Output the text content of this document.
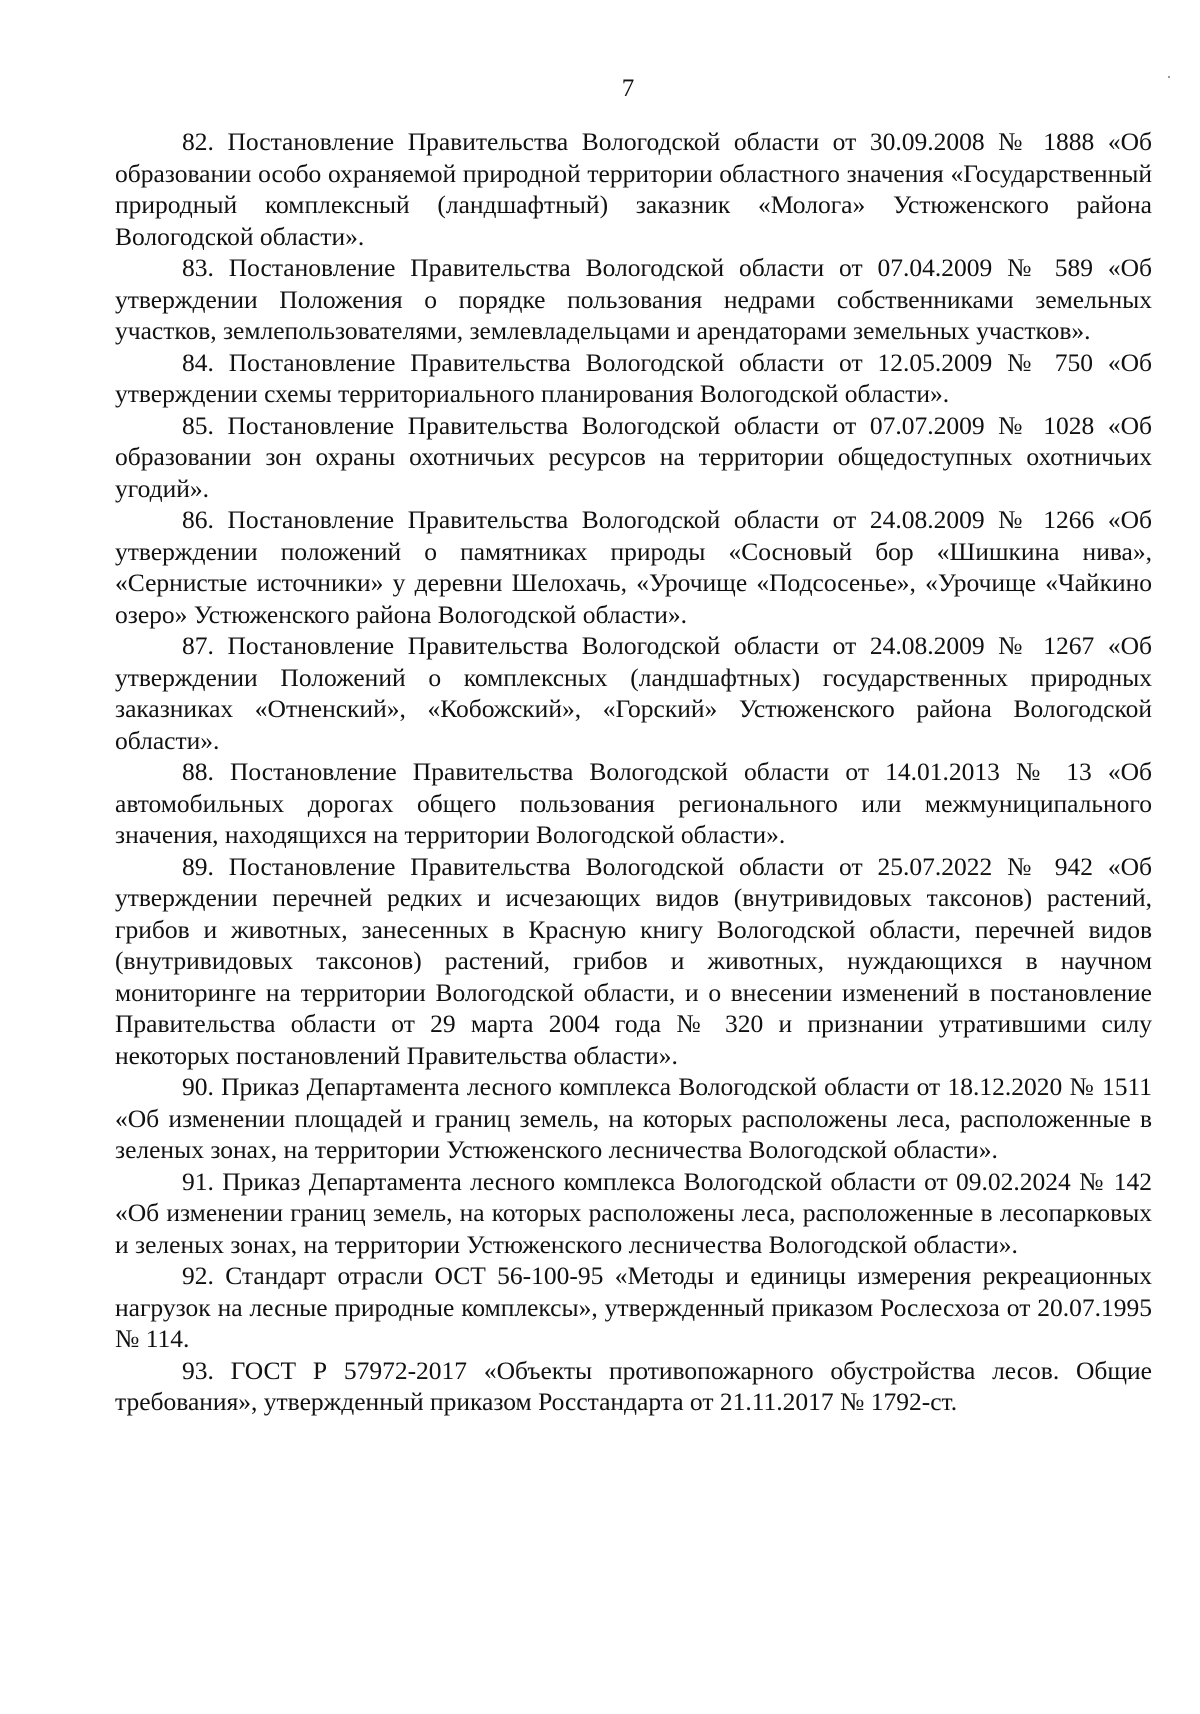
7

82. Постановление Правительства Вологодской области от 30.09.2008 № 1888 «Об образовании особо охраняемой природной территории областного значения «Государственный природный комплексный (ландшафтный) заказник «Молога» Устюженского района Вологодской области».

83. Постановление Правительства Вологодской области от 07.04.2009 № 589 «Об утверждении Положения о порядке пользования недрами собственниками земельных участков, землепользователями, землевладельцами и арендаторами земельных участков».

84. Постановление Правительства Вологодской области от 12.05.2009 № 750 «Об утверждении схемы территориального планирования Вологодской области».

85. Постановление Правительства Вологодской области от 07.07.2009 № 1028 «Об образовании зон охраны охотничьих ресурсов на территории общедоступных охотничьих угодий».

86. Постановление Правительства Вологодской области от 24.08.2009 № 1266 «Об утверждении положений о памятниках природы «Сосновый бор «Шишкина нива», «Сернистые источники» у деревни Шелохачь, «Урочище «Подсосенье», «Урочище «Чайкино озеро» Устюженского района Вологодской области».

87. Постановление Правительства Вологодской области от 24.08.2009 № 1267 «Об утверждении Положений о комплексных (ландшафтных) государственных природных заказниках «Отненский», «Кобожский», «Горский» Устюженского района Вологодской области».

88. Постановление Правительства Вологодской области от 14.01.2013 № 13 «Об автомобильных дорогах общего пользования регионального или межмуниципального значения, находящихся на территории Вологодской области».

89. Постановление Правительства Вологодской области от 25.07.2022 № 942 «Об утверждении перечней редких и исчезающих видов (внутривидовых таксонов) растений, грибов и животных, занесенных в Красную книгу Вологодской области, перечней видов (внутривидовых таксонов) растений, грибов и животных, нуждающихся в научном мониторинге на территории Вологодской области, и о внесении изменений в постановление Правительства области от 29 марта 2004 года № 320 и признании утратившими силу некоторых постановлений Правительства области».

90. Приказ Департамента лесного комплекса Вологодской области от 18.12.2020 № 1511 «Об изменении площадей и границ земель, на которых расположены леса, расположенные в зеленых зонах, на территории Устюженского лесничества Вологодской области».

91. Приказ Департамента лесного комплекса Вологодской области от 09.02.2024 № 142 «Об изменении границ земель, на которых расположены леса, расположенные в лесопарковых и зеленых зонах, на территории Устюженского лесничества Вологодской области».

92. Стандарт отрасли ОСТ 56-100-95 «Методы и единицы измерения рекреационных нагрузок на лесные природные комплексы», утвержденный приказом Рослесхоза от 20.07.1995 № 114.

93. ГОСТ Р 57972-2017 «Объекты противопожарного обустройства лесов. Общие требования», утвержденный приказом Росстандарта от 21.11.2017 № 1792-ст.
